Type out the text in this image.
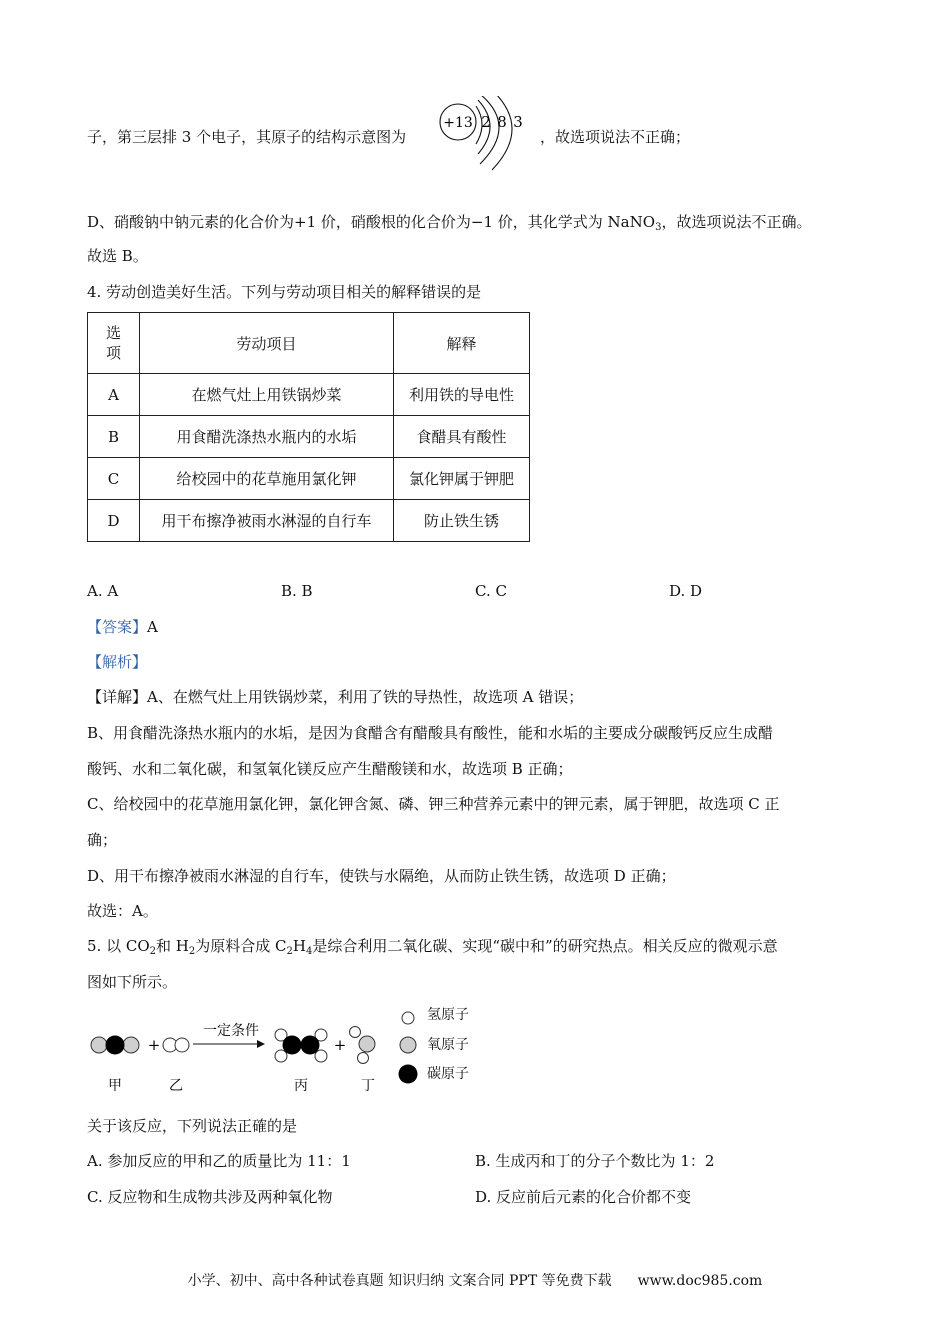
子，第三层排 3 个电子，其原子的结构示意图为
+13 2 8 3
，故选项说法不正确；
D、硝酸钠中钠元素的化合价为+1 价，硝酸根的化合价为−1 价，其化学式为 NaNO$_3$，故选项说法不正确。
故选 B。
4. 劳动创造美好生活。下列与劳动项目相关的解释错误的是
选
项	劳动项目	解释
A	在燃气灶上用铁锅炒菜	利用铁的导电性
B	用食醋洗涤热水瓶内的水垢	食醋具有酸性
C	给校园中的花草施用氯化钾	氯化钾属于钾肥
D	用干布擦净被雨水淋湿的自行车	防止铁生锈
A. A	B. B	C. C	D. D
【答案】A
【解析】
【详解】A、在燃气灶上用铁锅炒菜，利用了铁的导热性，故选项 A 错误；
B、用食醋洗涤热水瓶内的水垢，是因为食醋含有醋酸具有酸性，能和水垢的主要成分碳酸钙反应生成醋
酸钙、水和二氧化碳，和氢氧化镁反应产生醋酸镁和水，故选项 B 正确；
C、给校园中的花草施用氯化钾，氯化钾含氮、磷、钾三种营养元素中的钾元素，属于钾肥，故选项 C 正
确；
D、用干布擦净被雨水淋湿的自行车，使铁与水隔绝，从而防止铁生锈，故选项 D 正确；
故选：A。
5. 以 $CO_2$和 $H_2$为原料合成 $C_2H_4$是综合利用二氧化碳、实现“碳中和”的研究热点。相关反应的微观示意
图如下所示。
+
一定条件
+
甲	乙	丙	丁
氢原子
氧原子
碳原子
关于该反应，下列说法正確的是
A. 参加反应的甲和乙的质量比为 11：1	B. 生成丙和丁的分子个数比为 1：2
C. 反应物和生成物共涉及两种氧化物	D. 反应前后元素的化合价都不变
小学、初中、高中各种试卷真题 知识归纳 文案合同 PPT 等免费下载 www.doc985.com
